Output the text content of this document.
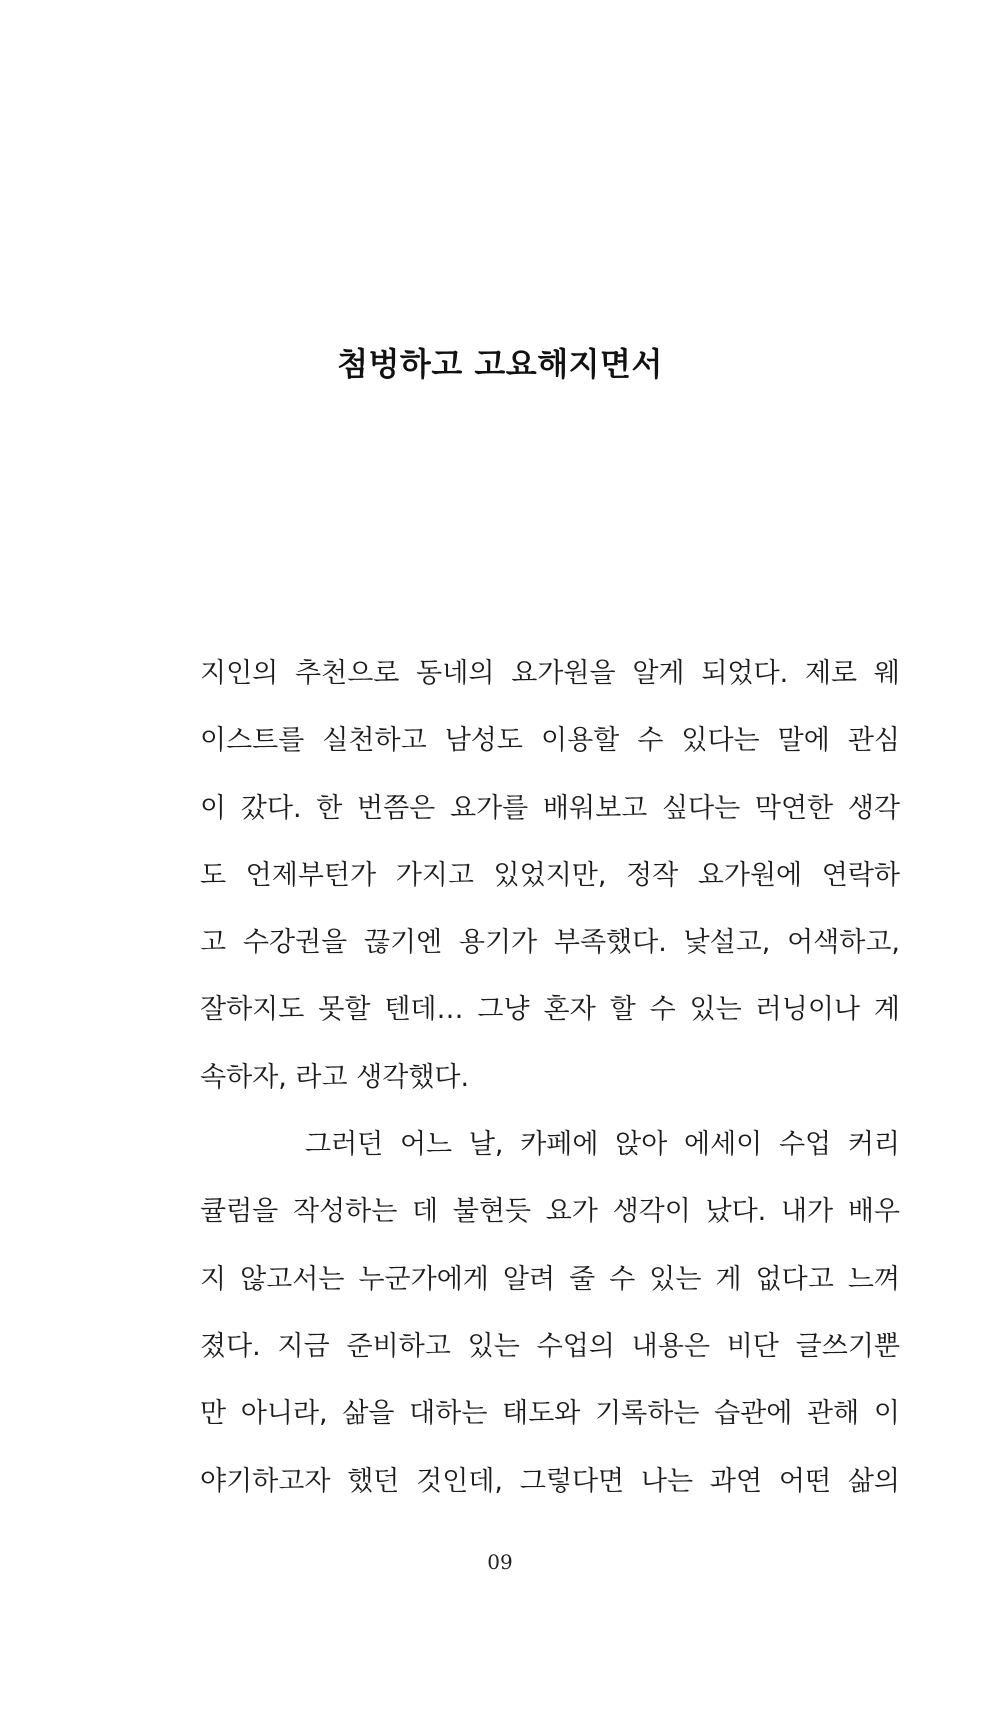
첨벙하고 고요해지면서
지인의 추천으로 동네의 요가원을 알게 되었다. 제로 웨
이스트를 실천하고 남성도 이용할 수 있다는 말에 관심
이 갔다. 한 번쯤은 요가를 배워보고 싶다는 막연한 생각
도 언제부턴가 가지고 있었지만, 정작 요가원에 연락하
고 수강권을 끊기엔 용기가 부족했다. 낯설고, 어색하고,
잘하지도 못할 텐데… 그냥 혼자 할 수 있는 러닝이나 계
속하자, 라고 생각했다.
그러던 어느 날, 카페에 앉아 에세이 수업 커리
큘럼을 작성하는 데 불현듯 요가 생각이 났다. 내가 배우
지 않고서는 누군가에게 알려 줄 수 있는 게 없다고 느껴
졌다. 지금 준비하고 있는 수업의 내용은 비단 글쓰기뿐
만 아니라, 삶을 대하는 태도와 기록하는 습관에 관해 이
야기하고자 했던 것인데, 그렇다면 나는 과연 어떤 삶의
09
